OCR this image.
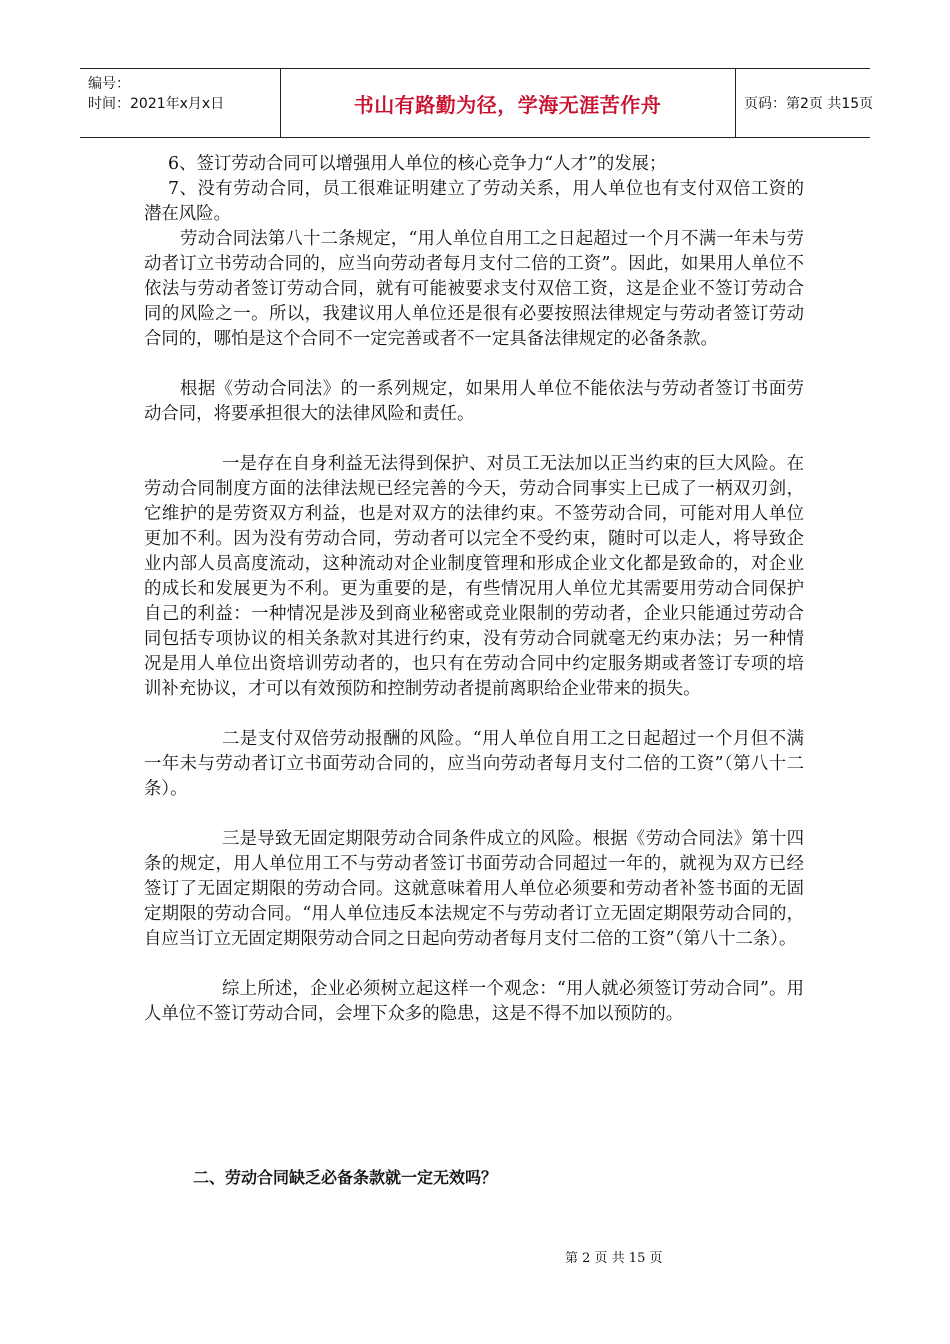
编号：
时间：2021年x月x日	书山有路勤为径，学海无涯苦作舟	页码：第2页 共15页

6、签订劳动合同可以增强用人单位的核心竞争力“人才”的发展；

7、没有劳动合同，员工很难证明建立了劳动关系，用人单位也有支付双倍工资的潜在风险。

劳动合同法第八十二条规定，“用人单位自用工之日起超过一个月不满一年未与劳动者订立书劳动合同的，应当向劳动者每月支付二倍的工资”。因此，如果用人单位不依法与劳动者签订劳动合同，就有可能被要求支付双倍工资，这是企业不签订劳动合同的风险之一。所以，我建议用人单位还是很有必要按照法律规定与劳动者签订劳动合同的，哪怕是这个合同不一定完善或者不一定具备法律规定的必备条款。

根据《劳动合同法》的一系列规定，如果用人单位不能依法与劳动者签订书面劳动合同，将要承担很大的法律风险和责任。

一是存在自身利益无法得到保护、对员工无法加以正当约束的巨大风险。在劳动合同制度方面的法律法规已经完善的今天，劳动合同事实上已成了一柄双刃剑，它维护的是劳资双方利益，也是对双方的法律约束。不签劳动合同，可能对用人单位更加不利。因为没有劳动合同，劳动者可以完全不受约束，随时可以走人，将导致企业内部人员高度流动，这种流动对企业制度管理和形成企业文化都是致命的，对企业的成长和发展更为不利。更为重要的是，有些情况用人单位尤其需要用劳动合同保护自己的利益：一种情况是涉及到商业秘密或竞业限制的劳动者，企业只能通过劳动合同包括专项协议的相关条款对其进行约束，没有劳动合同就毫无约束办法；另一种情况是用人单位出资培训劳动者的，也只有在劳动合同中约定服务期或者签订专项的培训补充协议，才可以有效预防和控制劳动者提前离职给企业带来的损失。

二是支付双倍劳动报酬的风险。“用人单位自用工之日起超过一个月但不满一年未与劳动者订立书面劳动合同的，应当向劳动者每月支付二倍的工资”（第八十二条）。

三是导致无固定期限劳动合同条件成立的风险。根据《劳动合同法》第十四条的规定，用人单位用工不与劳动者签订书面劳动合同超过一年的，就视为双方已经签订了无固定期限的劳动合同。这就意味着用人单位必须要和劳动者补签书面的无固定期限的劳动合同。“用人单位违反本法规定不与劳动者订立无固定期限劳动合同的，自应当订立无固定期限劳动合同之日起向劳动者每月支付二倍的工资”（第八十二条）。

综上所述，企业必须树立起这样一个观念：“用人就必须签订劳动合同”。用人单位不签订劳动合同，会埋下众多的隐患，这是不得不加以预防的。

二、劳动合同缺乏必备条款就一定无效吗？
第 2 页 共 15 页
